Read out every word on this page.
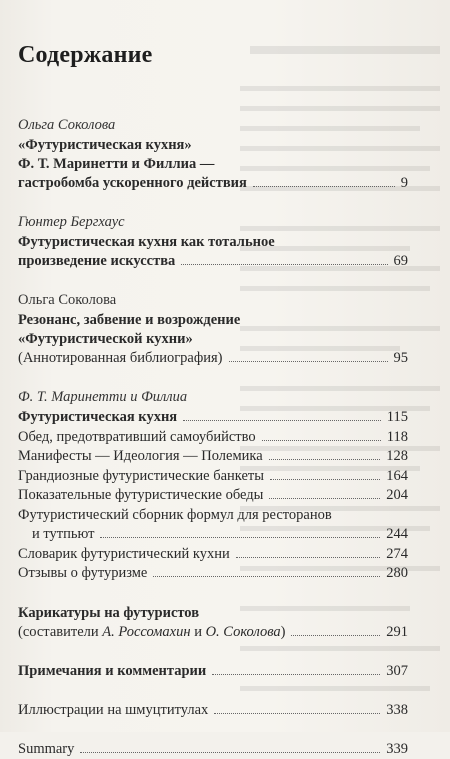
Содержание
Ольга Соколова
«Футуристическая кухня»
Ф. Т. Маринетти и Филлиа —
гастробомба ускоренного действия	9
Гюнтер Бергхаус
Футуристическая кухня как тотальное
произведение искусства	69
Ольга Соколова
Резонанс, забвение и возрождение
«Футуристической кухни»
(Аннотированная библиография)	95
Ф. Т. Маринетти и Филлиа
Футуристическая кухня	115
Обед, предотвративший самоубийство	118
Манифесты — Идеология — Полемика	128
Грандиозные футуристические банкеты	164
Показательные футуристические обеды	204
Футуристический сборник формул для ресторанов
и тутпьют	244
Словарик футуристический кухни	274
Отзывы о футуризме	280
Карикатуры на футуристов
(составители А. Россомахин и О. Соколова)	291
Примечания и комментарии	307
Иллюстрации на шмуцтитулах	338
Summary	339
